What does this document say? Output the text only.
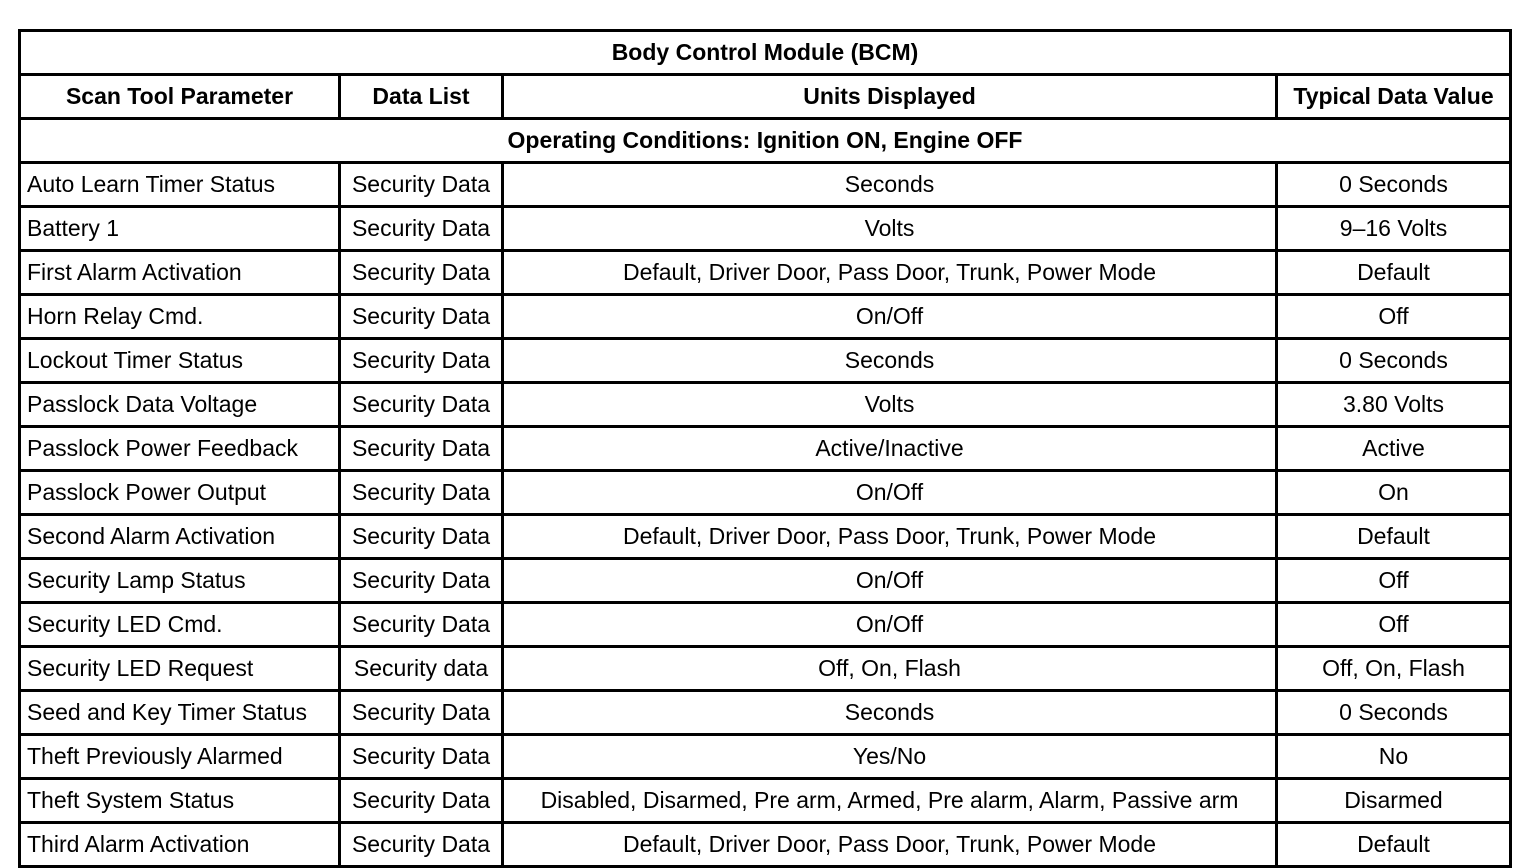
Body Control Module (BCM)			
Scan Tool Parameter	Data List	Units Displayed	Typical Data Value
Operating Conditions: Ignition ON, Engine OFF			
Auto Learn Timer Status	Security Data	Seconds	0 Seconds
Battery 1	Security Data	Volts	9–16 Volts
First Alarm Activation	Security Data	Default, Driver Door, Pass Door, Trunk, Power Mode	Default
Horn Relay Cmd.	Security Data	On/Off	Off
Lockout Timer Status	Security Data	Seconds	0 Seconds
Passlock Data Voltage	Security Data	Volts	3.80 Volts
Passlock Power Feedback	Security Data	Active/Inactive	Active
Passlock Power Output	Security Data	On/Off	On
Second Alarm Activation	Security Data	Default, Driver Door, Pass Door, Trunk, Power Mode	Default
Security Lamp Status	Security Data	On/Off	Off
Security LED Cmd.	Security Data	On/Off	Off
Security LED Request	Security data	Off, On, Flash	Off, On, Flash
Seed and Key Timer Status	Security Data	Seconds	0 Seconds
Theft Previously Alarmed	Security Data	Yes/No	No
Theft System Status	Security Data	Disabled, Disarmed, Pre arm, Armed, Pre alarm, Alarm, Passive arm	Disarmed
Third Alarm Activation	Security Data	Default, Driver Door, Pass Door, Trunk, Power Mode	Default
